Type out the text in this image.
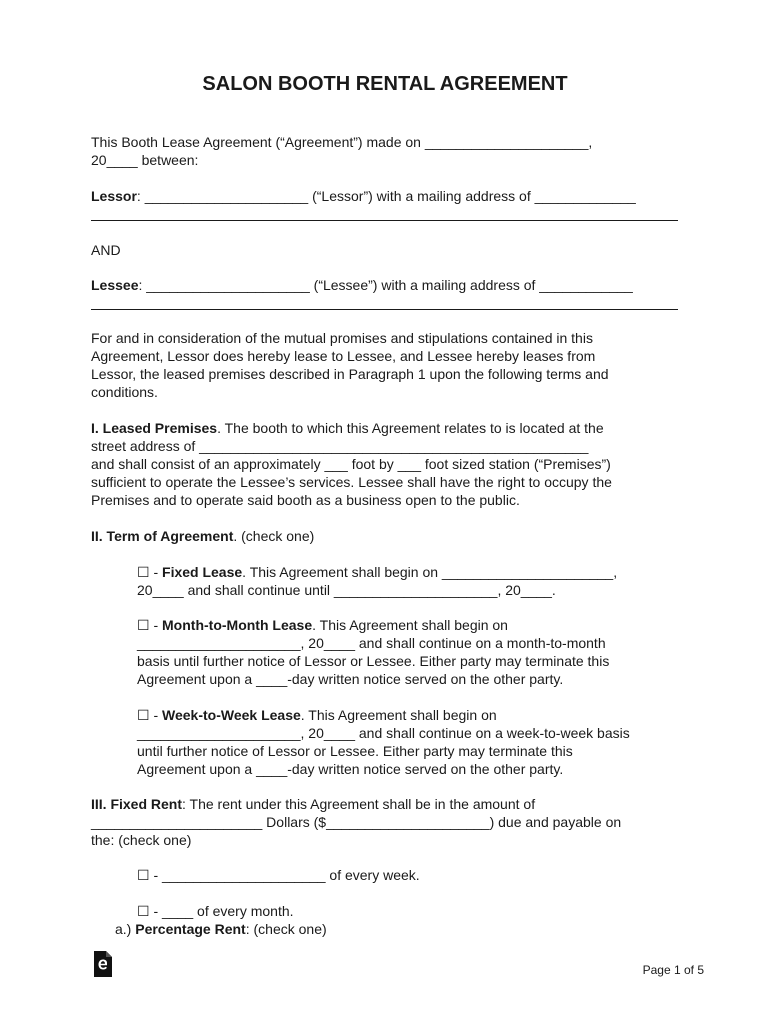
SALON BOOTH RENTAL AGREEMENT
This Booth Lease Agreement (“Agreement”) made on _____________________,
20____ between:
Lessor: _____________________ (“Lessor”) with a mailing address of _____________
AND
Lessee: _____________________ (“Lessee”) with a mailing address of ____________
For and in consideration of the mutual promises and stipulations contained in this
Agreement, Lessor does hereby lease to Lessee, and Lessee hereby leases from
Lessor, the leased premises described in Paragraph 1 upon the following terms and
conditions.
I. Leased Premises. The booth to which this Agreement relates to is located at the
street address of __________________________________________________
and shall consist of an approximately ___ foot by ___ foot sized station (“Premises”)
sufficient to operate the Lessee’s services. Lessee shall have the right to occupy the
Premises and to operate said booth as a business open to the public.
II. Term of Agreement. (check one)
☐ - Fixed Lease. This Agreement shall begin on ______________________,
20____ and shall continue until _____________________, 20____.
☐ - Month-to-Month Lease. This Agreement shall begin on
_____________________, 20____ and shall continue on a month-to-month
basis until further notice of Lessor or Lessee. Either party may terminate this
Agreement upon a ____-day written notice served on the other party.
☐ - Week-to-Week Lease. This Agreement shall begin on
_____________________, 20____ and shall continue on a week-to-week basis
until further notice of Lessor or Lessee. Either party may terminate this
Agreement upon a ____-day written notice served on the other party.
III. Fixed Rent: The rent under this Agreement shall be in the amount of
______________________ Dollars ($_____________________) due and payable on
the: (check one)
☐ - _____________________ of every week.
☐ - ____ of every month.
a.) Percentage Rent: (check one)
Page 1 of 5
